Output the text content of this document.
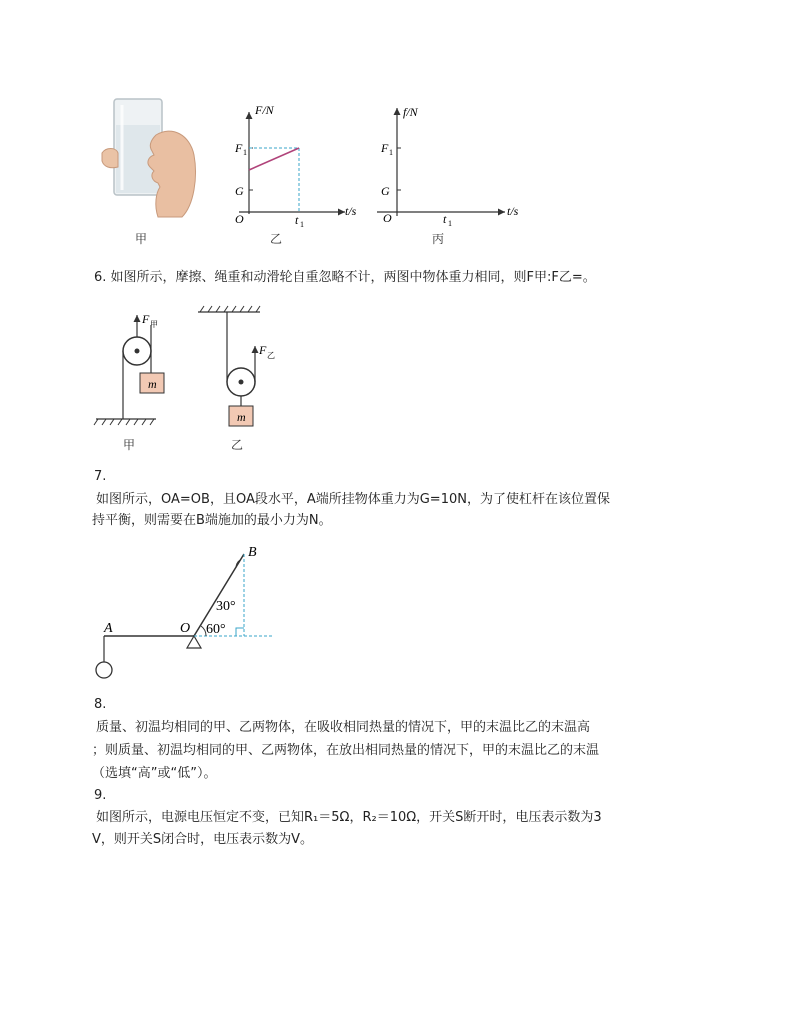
甲
F/N
F 1
G
O	t 1
t/s
乙
f/N
F 1
G
O	t 1
t/s
丙
6. 如图所示，摩擦、绳重和动滑轮自重忽略不计，两图中物体重力相同，则F甲:F乙=。
m
F 甲
甲
m
F 乙
乙
7.
如图所示，OA=OB，且OA段水平，A端所挂物体重力为G=10N，为了使杠杆在该位置保
持平衡，则需要在B端施加的最小力为N。
A	O
B
30°
60°
8.
质量、初温均相同的甲、乙两物体，在吸收相同热量的情况下，甲的末温比乙的末温高
；则质量、初温均相同的甲、乙两物体，在放出相同热量的情况下，甲的末温比乙的末温
（选填“高”或“低”）。
9.
如图所示，电源电压恒定不变，已知R₁＝5Ω，R₂＝10Ω，开关S断开时，电压表示数为3
V，则开关S闭合时，电压表示数为V。
